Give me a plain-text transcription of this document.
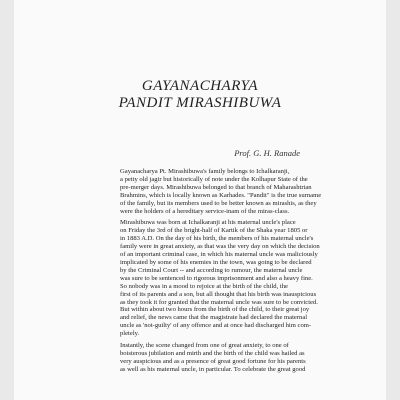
GAYANACHARYA
PANDIT MIRASHIBUWA
Prof. G. H. Ranade
Gayanacharya Pt. Mirashibuwa's family belongs to Ichalkaranji,
a petty old jagir but historically of note under the Kolhapur State of the
pre-merger days. Mirashibuwa belonged to that branch of Maharashtrian
Brahmins, which is locally known as Karhades. "Pandit" is the true surname
of the family, but its members used to be better known as mirashis, as they
were the holders of a hereditary service-inam of the miras-class.
Mirashibuwa was born at Ichalkaranji at his maternal uncle's place
on Friday the 3rd of the bright-half of Kartik of the Shaka year 1805 or
in 1883 A.D. On the day of his birth, the members of his maternal uncle's
family were in great anxiety, as that was the very day on which the decision
of an important criminal case, in which his maternal uncle was maliciously
implicated by some of his enemies in the town, was going to be declared
by the Criminal Court -- and according to rumour, the maternal uncle
was sure to be sentenced to rigorous imprisonment and also a heavy fine.
So nobody was in a mood to rejoice at the birth of the child, the
first of its parents and a son, but all thought that his birth was inauspicious
as they took it for granted that the maternal uncle was sure to be convicted.
But within about two hours from the birth of the child, to their great joy
and relief, the news came that the magistrate had declared the maternal
uncle as 'not-guilty' of any offence and at once had discharged him com-
pletely.
Instantly, the scene changed from one of great anxiety, to one of
boisterous jubilation and mirth and the birth of the child was hailed as
very auspicious and as a presence of great good fortune for his parents
as well as his maternal uncle, in particular. To celebrate the great good
